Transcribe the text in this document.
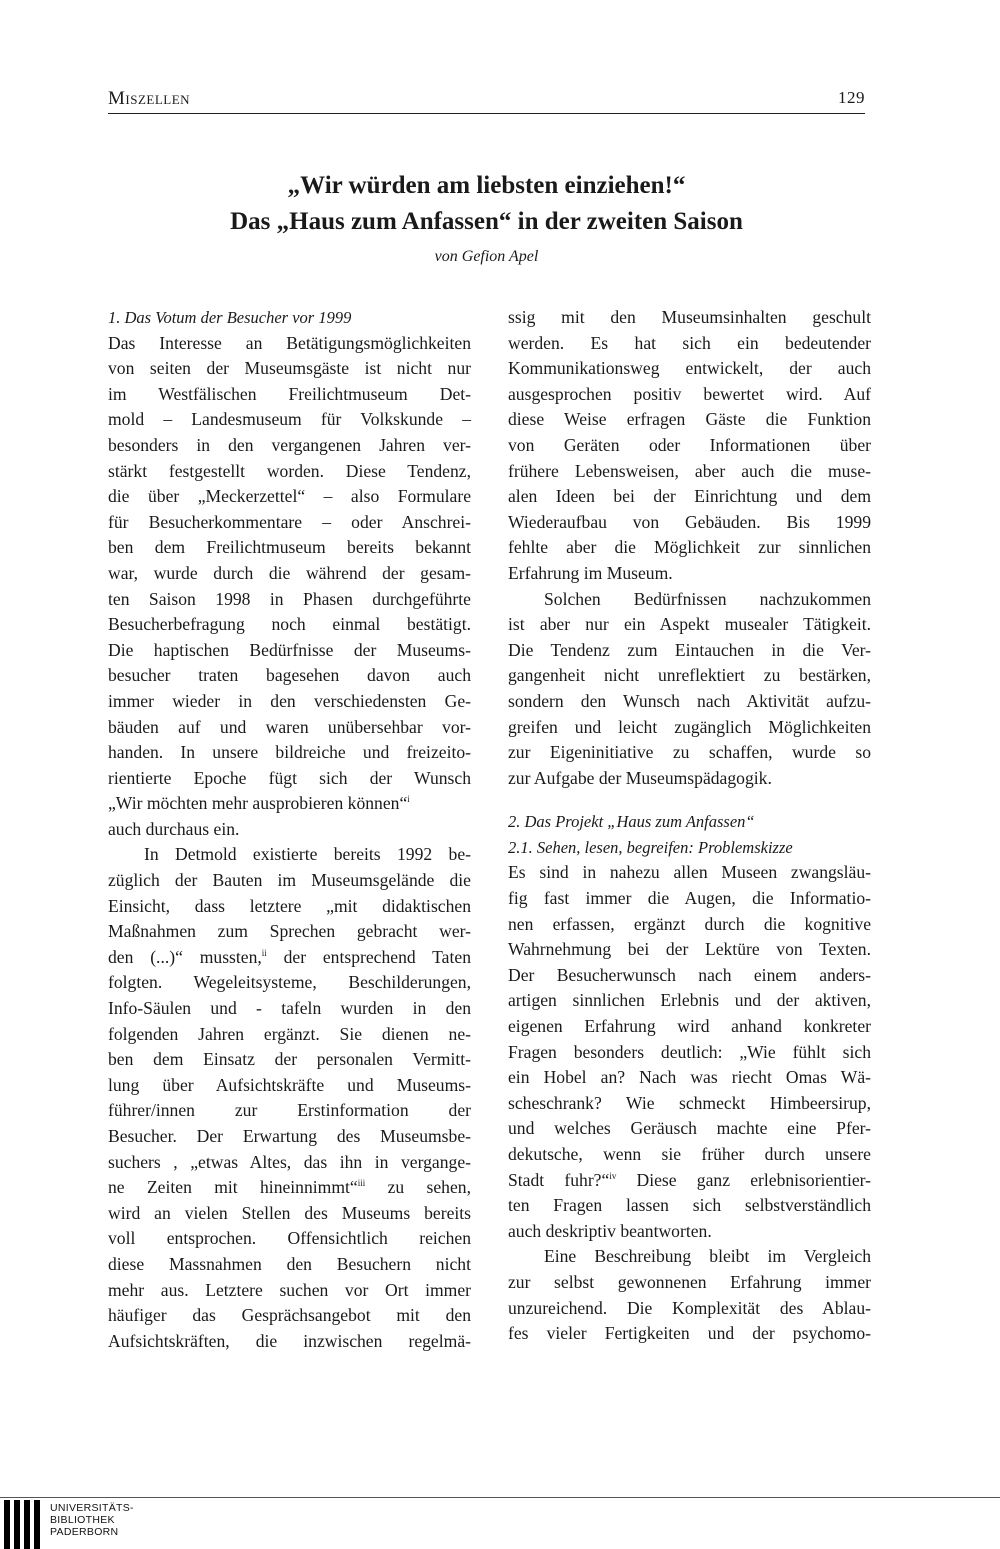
Miszellen	129

„Wir würden am liebsten einziehen!“

Das „Haus zum Anfassen“ in der zweiten Saison

von Gefion Apel

1. Das Votum der Besucher vor 1999

Das Interesse an Betätigungsmöglichkeiten

von seiten der Museumsgäste ist nicht nur

im Westfälischen Freilichtmuseum Det-

mold – Landesmuseum für Volkskunde –

besonders in den vergangenen Jahren ver-

stärkt festgestellt worden. Diese Tendenz,

die über „Meckerzettel“ – also Formulare

für Besucherkommentare – oder Anschrei-

ben dem Freilichtmuseum bereits bekannt

war, wurde durch die während der gesam-

ten Saison 1998 in Phasen durchgeführte

Besucherbefragung noch einmal bestätigt.

Die haptischen Bedürfnisse der Museums-

besucher traten bagesehen davon auch

immer wieder in den verschiedensten Ge-

bäuden auf und waren unübersehbar vor-

handen. In unsere bildreiche und freizeito-

rientierte Epoche fügt sich der Wunsch

„Wir möchten mehr ausprobieren können“$^i$

auch durchaus ein.

In Detmold existierte bereits 1992 be-

züglich der Bauten im Museumsgelände die

Einsicht, dass letztere „mit didaktischen

Maßnahmen zum Sprechen gebracht wer-

den (...)“ mussten,$^{ii}$ der entsprechend Taten

folgten. Wegeleitsysteme, Beschilderungen,

Info-Säulen und - tafeln wurden in den

folgenden Jahren ergänzt. Sie dienen ne-

ben dem Einsatz der personalen Vermitt-

lung über Aufsichtskräfte und Museums-

führer/innen zur Erstinformation der

Besucher. Der Erwartung des Museumsbe-

suchers , „etwas Altes, das ihn in vergange-

ne Zeiten mit hineinnimmt“$^{iii}$ zu sehen,

wird an vielen Stellen des Museums bereits

voll entsprochen. Offensichtlich reichen

diese Massnahmen den Besuchern nicht

mehr aus. Letztere suchen vor Ort immer

häufiger das Gesprächsangebot mit den

Aufsichtskräften, die inzwischen regelmä-

ssig mit den Museumsinhalten geschult

werden. Es hat sich ein bedeutender

Kommunikationsweg entwickelt, der auch

ausgesprochen positiv bewertet wird. Auf

diese Weise erfragen Gäste die Funktion

von Geräten oder Informationen über

frühere Lebensweisen, aber auch die muse-

alen Ideen bei der Einrichtung und dem

Wiederaufbau von Gebäuden. Bis 1999

fehlte aber die Möglichkeit zur sinnlichen

Erfahrung im Museum.

Solchen Bedürfnissen nachzukommen

ist aber nur ein Aspekt musealer Tätigkeit.

Die Tendenz zum Eintauchen in die Ver-

gangenheit nicht unreflektiert zu bestärken,

sondern den Wunsch nach Aktivität aufzu-

greifen und leicht zugänglich Möglichkeiten

zur Eigeninitiative zu schaffen, wurde so

zur Aufgabe der Museumspädagogik.

2. Das Projekt „Haus zum Anfassen“

2.1. Sehen, lesen, begreifen: Problemskizze

Es sind in nahezu allen Museen zwangsläu-

fig fast immer die Augen, die Informatio-

nen erfassen, ergänzt durch die kognitive

Wahrnehmung bei der Lektüre von Texten.

Der Besucherwunsch nach einem anders-

artigen sinnlichen Erlebnis und der aktiven,

eigenen Erfahrung wird anhand konkreter

Fragen besonders deutlich: „Wie fühlt sich

ein Hobel an? Nach was riecht Omas Wä-

scheschrank? Wie schmeckt Himbeersirup,

und welches Geräusch machte eine Pfer-

dekutsche, wenn sie früher durch unsere

Stadt fuhr?“$^{iv}$ Diese ganz erlebnisorientier-

ten Fragen lassen sich selbstverständlich

auch deskriptiv beantworten.

Eine Beschreibung bleibt im Vergleich

zur selbst gewonnenen Erfahrung immer

unzureichend. Die Komplexität des Ablau-

fes vieler Fertigkeiten und der psychomo-

UNIVERSITÄTS-
BIBLIOTHEK
PADERBORN
